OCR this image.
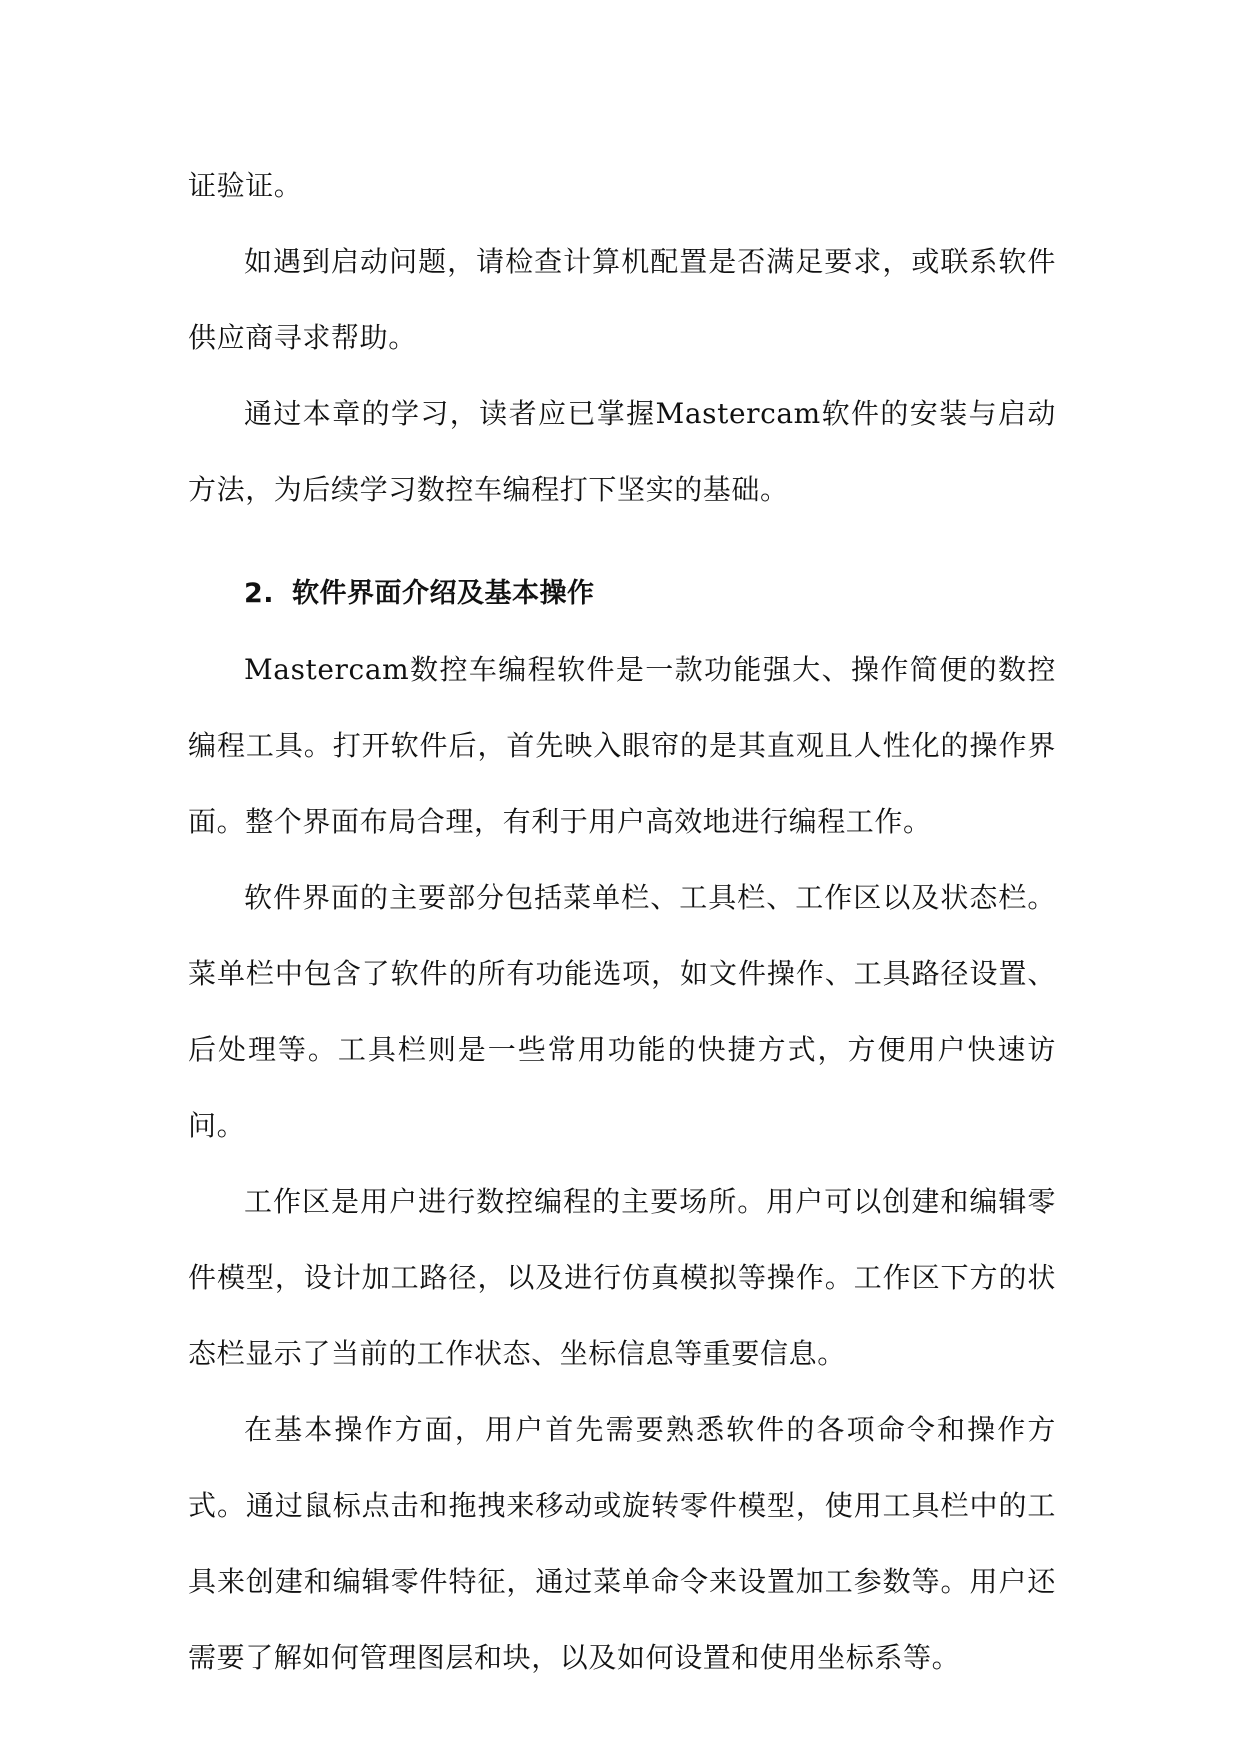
证验证。

如遇到启动问题，请检查计算机配置是否满足要求，或联系软件供应商寻求帮助。

通过本章的学习，读者应已掌握Mastercam软件的安装与启动方法，为后续学习数控车编程打下坚实的基础。

2. 软件界面介绍及基本操作

Mastercam数控车编程软件是一款功能强大、操作简便的数控编程工具。打开软件后，首先映入眼帘的是其直观且人性化的操作界面。整个界面布局合理，有利于用户高效地进行编程工作。

软件界面的主要部分包括菜单栏、工具栏、工作区以及状态栏。菜单栏中包含了软件的所有功能选项，如文件操作、工具路径设置、后处理等。工具栏则是一些常用功能的快捷方式，方便用户快速访问。

工作区是用户进行数控编程的主要场所。用户可以创建和编辑零件模型，设计加工路径，以及进行仿真模拟等操作。工作区下方的状态栏显示了当前的工作状态、坐标信息等重要信息。

在基本操作方面，用户首先需要熟悉软件的各项命令和操作方式。通过鼠标点击和拖拽来移动或旋转零件模型，使用工具栏中的工具来创建和编辑零件特征，通过菜单命令来设置加工参数等。用户还需要了解如何管理图层和块，以及如何设置和使用坐标系等。
